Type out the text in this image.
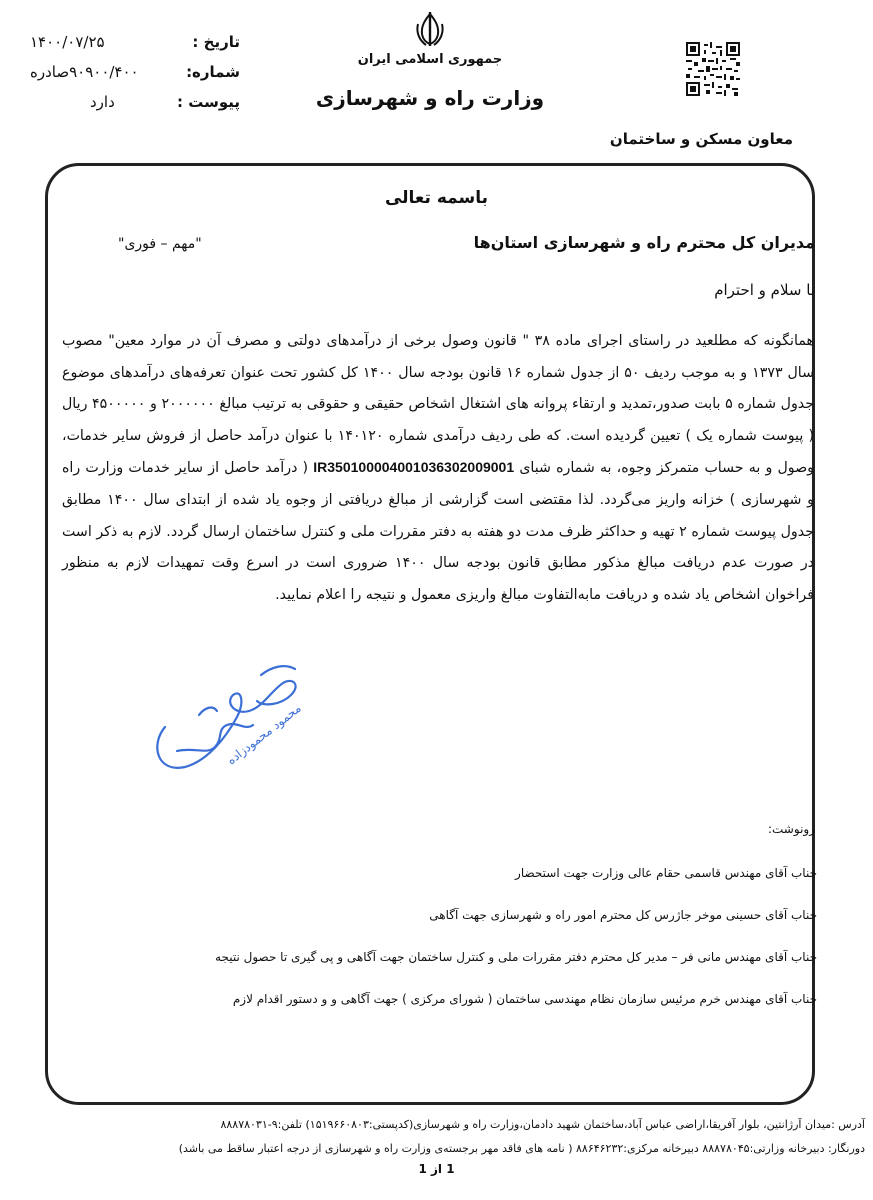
تاریخ :
۱۴۰۰/۰۷/۲۵
شماره:
۹۰۹۰۰/۴۰۰صادره
پیوست :
دارد
جمهوری اسلامی ایران
وزارت راه و شهرسازی
معاون مسکن و ساختمان
باسمه تعالی
مدیران کل محترم راه و شهرسازی استان‌ها
"مهم – فوری"
با سلام و احترام
همانگونه که مطلعید در راستای اجرای ماده ۳۸ " قانون وصول برخی از درآمدهای دولتی و مصرف آن در موارد معین" مصوب سال ۱۳۷۳ و به موجب ردیف ۵۰ از جدول شماره ۱۶ قانون بودجه سال ۱۴۰۰ کل کشور تحت عنوان تعرفه‌های درآمدهای موضوع جدول شماره ۵ بابت صدور،تمدید و ارتقاء پروانه های اشتغال اشخاص حقیقی و حقوقی به ترتیب مبالغ ۲۰۰۰۰۰۰ و ۴۵۰۰۰۰۰ ریال ( پیوست شماره یک ) تعیین گردیده است. که طی ردیف درآمدی شماره ۱۴۰۱۲۰ با عنوان درآمد حاصل از فروش سایر خدمات، وصول و به حساب متمرکز وجوه، به شماره شبای IR350100004001036302009001 ( درآمد حاصل از سایر خدمات وزارت راه و شهرسازی ) خزانه واریز می‌گردد. لذا مقتضی است گزارشی از مبالغ دریافتی از وجوه یاد شده از ابتدای سال ۱۴۰۰ مطابق جدول پیوست شماره ۲ تهیه و حداکثر ظرف مدت دو هفته به دفتر مقررات ملی و کنترل ساختمان ارسال گردد. لازم به ذکر است در صورت عدم دریافت مبالغ مذکور مطابق قانون بودجه سال ۱۴۰۰ ضروری است در اسرع وقت تمهیدات لازم به منظور فراخوان اشخاص یاد شده و دریافت مابه‌التفاوت مبالغ واریزی معمول و نتیجه را اعلام نمایید.
محمود محمودزاده
رونوشت:
جناب آقای مهندس قاسمی حقام عالی وزارت جهت استحضار
جناب آقای حسینی موخر جاژرس کل محترم امور راه و شهرسازی جهت آگاهی
جناب آقای مهندس مانی فر – مدیر کل محترم دفتر مقررات ملی و کنترل ساختمان جهت آگاهی و پی گیری تا حصول نتیجه
جناب آقای مهندس خرم مرئیس سازمان نظام مهندسی ساختمان ( شورای مرکزی ) جهت آگاهی و و دستور اقدام لازم
آدرس :میدان آرژانتین، بلوار آفریقا،اراضی عباس آباد،ساختمان شهید دادمان،وزارت راه و شهرسازی(کدپستی:۱۵۱۹۶۶۰۸۰۳) تلفن:۹-۸۸۸۷۸۰۳۱
دورنگار: دبیرخانه وزارتی:۸۸۸۷۸۰۴۵ دبیرخانه مرکزی:۸۸۶۴۶۲۳۲ ( نامه های فاقد مهر برجسته‌ی وزارت راه و شهرسازی از درجه اعتبار ساقط می باشد)
1 از 1
